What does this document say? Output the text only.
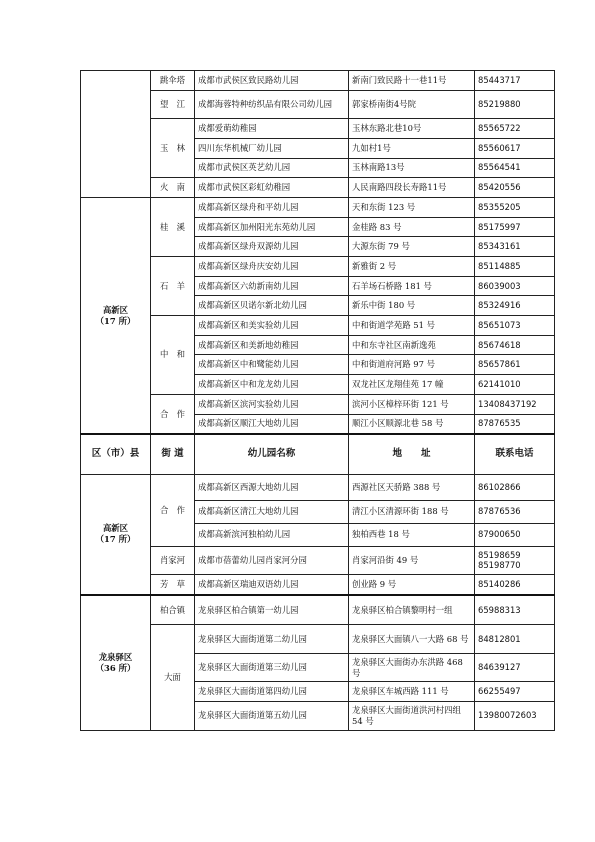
	跳伞塔	成都市武侯区致民路幼儿园	新南门致民路十一巷11号	85443717
	望　江	成都海蓉特种纺织品有限公司幼儿园	郭家桥南街4号院	85219880
	玉　林	成都爱萌幼稚园	玉林东路北巷10号	85565722
		四川东华机械厂幼儿园	九如村1号	85560617
		成都市武侯区英艺幼儿园	玉林南路13号	85564541
	火　南	成都市武侯区彩虹幼稚园	人民南路四段长寿路11号	85420556

高新区
（17 所）	桂　溪	成都高新区绿舟和平幼儿园	天和东街 123 号	85355205
		成都高新区加州阳光东苑幼儿园	金桂路 83 号	85175997
		成都高新区绿舟双源幼儿园	大源东街 79 号	85343161
	石　羊	成都高新区绿舟庆安幼儿园	新雅街 2 号	85114885
		成都高新区六幼新南幼儿园	石羊场石桥路 181 号	86039003
		成都高新区贝诺尔新北幼儿园	新乐中街 180 号	85324916
	中　和	成都高新区和美实验幼儿园	中和街道学苑路 51 号	85651073
		成都高新区和美新地幼稚园	中和东寺社区南新逸苑	85674618
		成都高新区中和鹭能幼儿园	中和街道府河路 97 号	85657861
		成都高新区中和龙龙幼儿园	双龙社区龙翔佳苑 17 幢	62141010
	合　作	成都高新区滨河实验幼儿园	滨河小区樟梓环街 121 号	13408437192
		成都高新区顺江大地幼儿园	顺江小区顺源北巷 58 号	87876535
区（市）县	街 道	幼儿园名称	地　　址	联系电话

高新区
（17 所）	合　作	成都高新区西源大地幼儿园	西源社区天骄路 388 号	86102866
		成都高新区清江大地幼儿园	清江小区清源环街 188 号	87876536
		成都高新滨河独柏幼儿园	独柏西巷 18 号	87900650
	肖家河	成都市蓓蕾幼儿园肖家河分园	肖家河沿街 49 号	85198659
85198770

	芳　草	成都高新区瑞迪双语幼儿园	创业路 9 号	85140286

龙泉驿区
（36 所）	柏合镇	龙泉驿区柏合镇第一幼儿园	龙泉驿区柏合镇黎明村一组	65988313
	大面	龙泉驿区大面街道第二幼儿园	龙泉驿区大面镇八一大路 68 号	84812801
		龙泉驿区大面街道第三幼儿园	龙泉驿区大面街办东洪路 468 号	84639127
		龙泉驿区大面街道第四幼儿园	龙泉驿区车城西路 111 号	66255497
		龙泉驿区大面街道第五幼儿园	龙泉驿区大面街道洪河村四组 54 号	13980072603
